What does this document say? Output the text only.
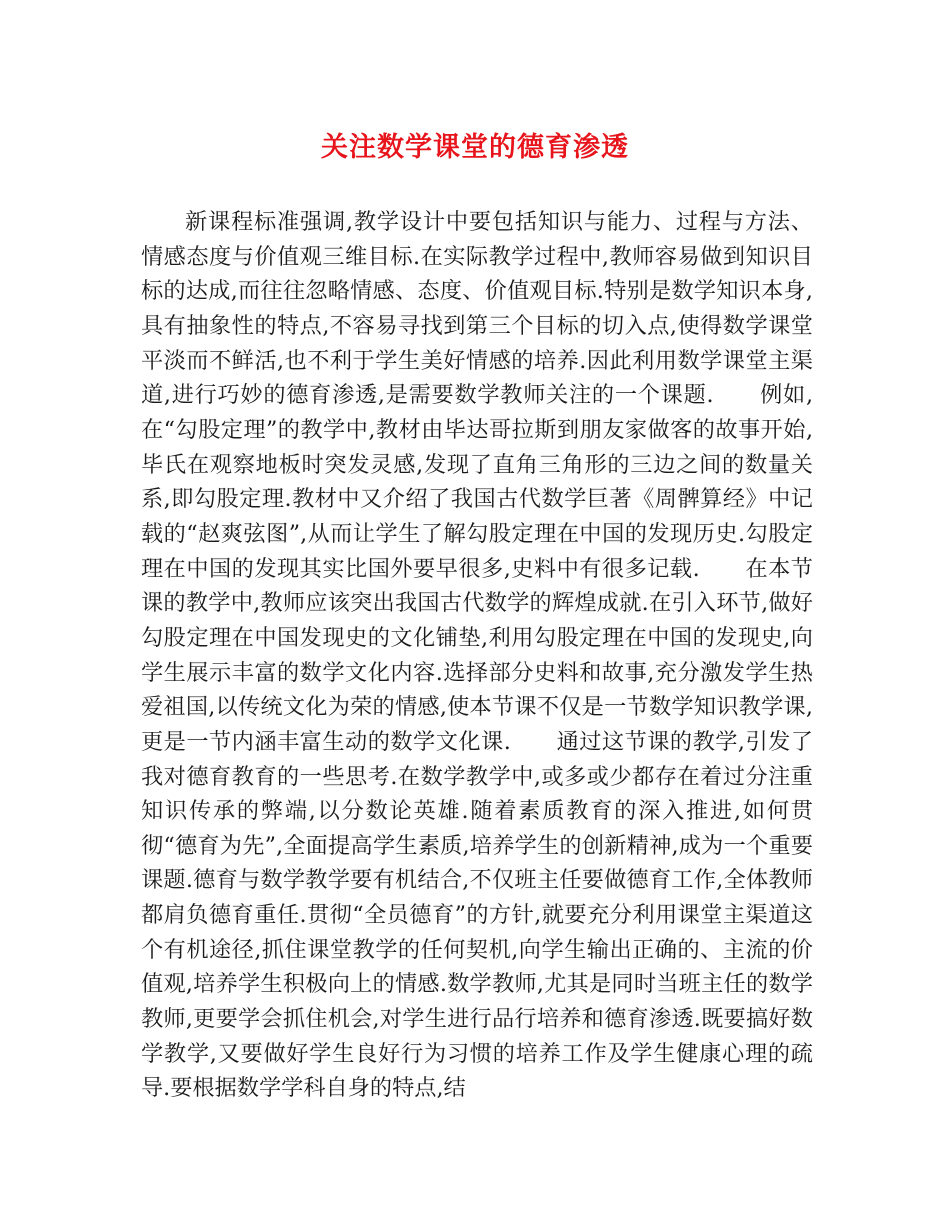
关注数学课堂的德育渗透

新课程标准强调,教学设计中要包括知识与能力、过程与方法、情感态度与价值观三维目标.在实际教学过程中,教师容易做到知识目标的达成,而往往忽略情感、态度、价值观目标.特别是数学知识本身,具有抽象性的特点,不容易寻找到第三个目标的切入点,使得数学课堂平淡而不鲜活,也不利于学生美好情感的培养.因此利用数学课堂主渠道,进行巧妙的德育渗透,是需要数学教师关注的一个课题.　　例如,在“勾股定理”的教学中,教材由毕达哥拉斯到朋友家做客的故事开始,毕氏在观察地板时突发灵感,发现了直角三角形的三边之间的数量关系,即勾股定理.教材中又介绍了我国古代数学巨著《周髀算经》中记载的“赵爽弦图”,从而让学生了解勾股定理在中国的发现历史.勾股定理在中国的发现其实比国外要早很多,史料中有很多记载.　　在本节课的教学中,教师应该突出我国古代数学的辉煌成就.在引入环节,做好勾股定理在中国发现史的文化铺垫,利用勾股定理在中国的发现史,向学生展示丰富的数学文化内容.选择部分史料和故事,充分激发学生热爱祖国,以传统文化为荣的情感,使本节课不仅是一节数学知识教学课,更是一节内涵丰富生动的数学文化课.　　通过这节课的教学,引发了我对德育教育的一些思考.在数学教学中,或多或少都存在着过分注重知识传承的弊端,以分数论英雄.随着素质教育的深入推进,如何贯彻“德育为先”,全面提高学生素质,培养学生的创新精神,成为一个重要课题.德育与数学教学要有机结合,不仅班主任要做德育工作,全体教师都肩负德育重任.贯彻“全员德育”的方针,就要充分利用课堂主渠道这个有机途径,抓住课堂教学的任何契机,向学生输出正确的、主流的价值观,培养学生积极向上的情感.数学教师,尤其是同时当班主任的数学教师,更要学会抓住机会,对学生进行品行培养和德育渗透.既要搞好数学教学,又要做好学生良好行为习惯的培养工作及学生健康心理的疏导.要根据数学学科自身的特点,结
